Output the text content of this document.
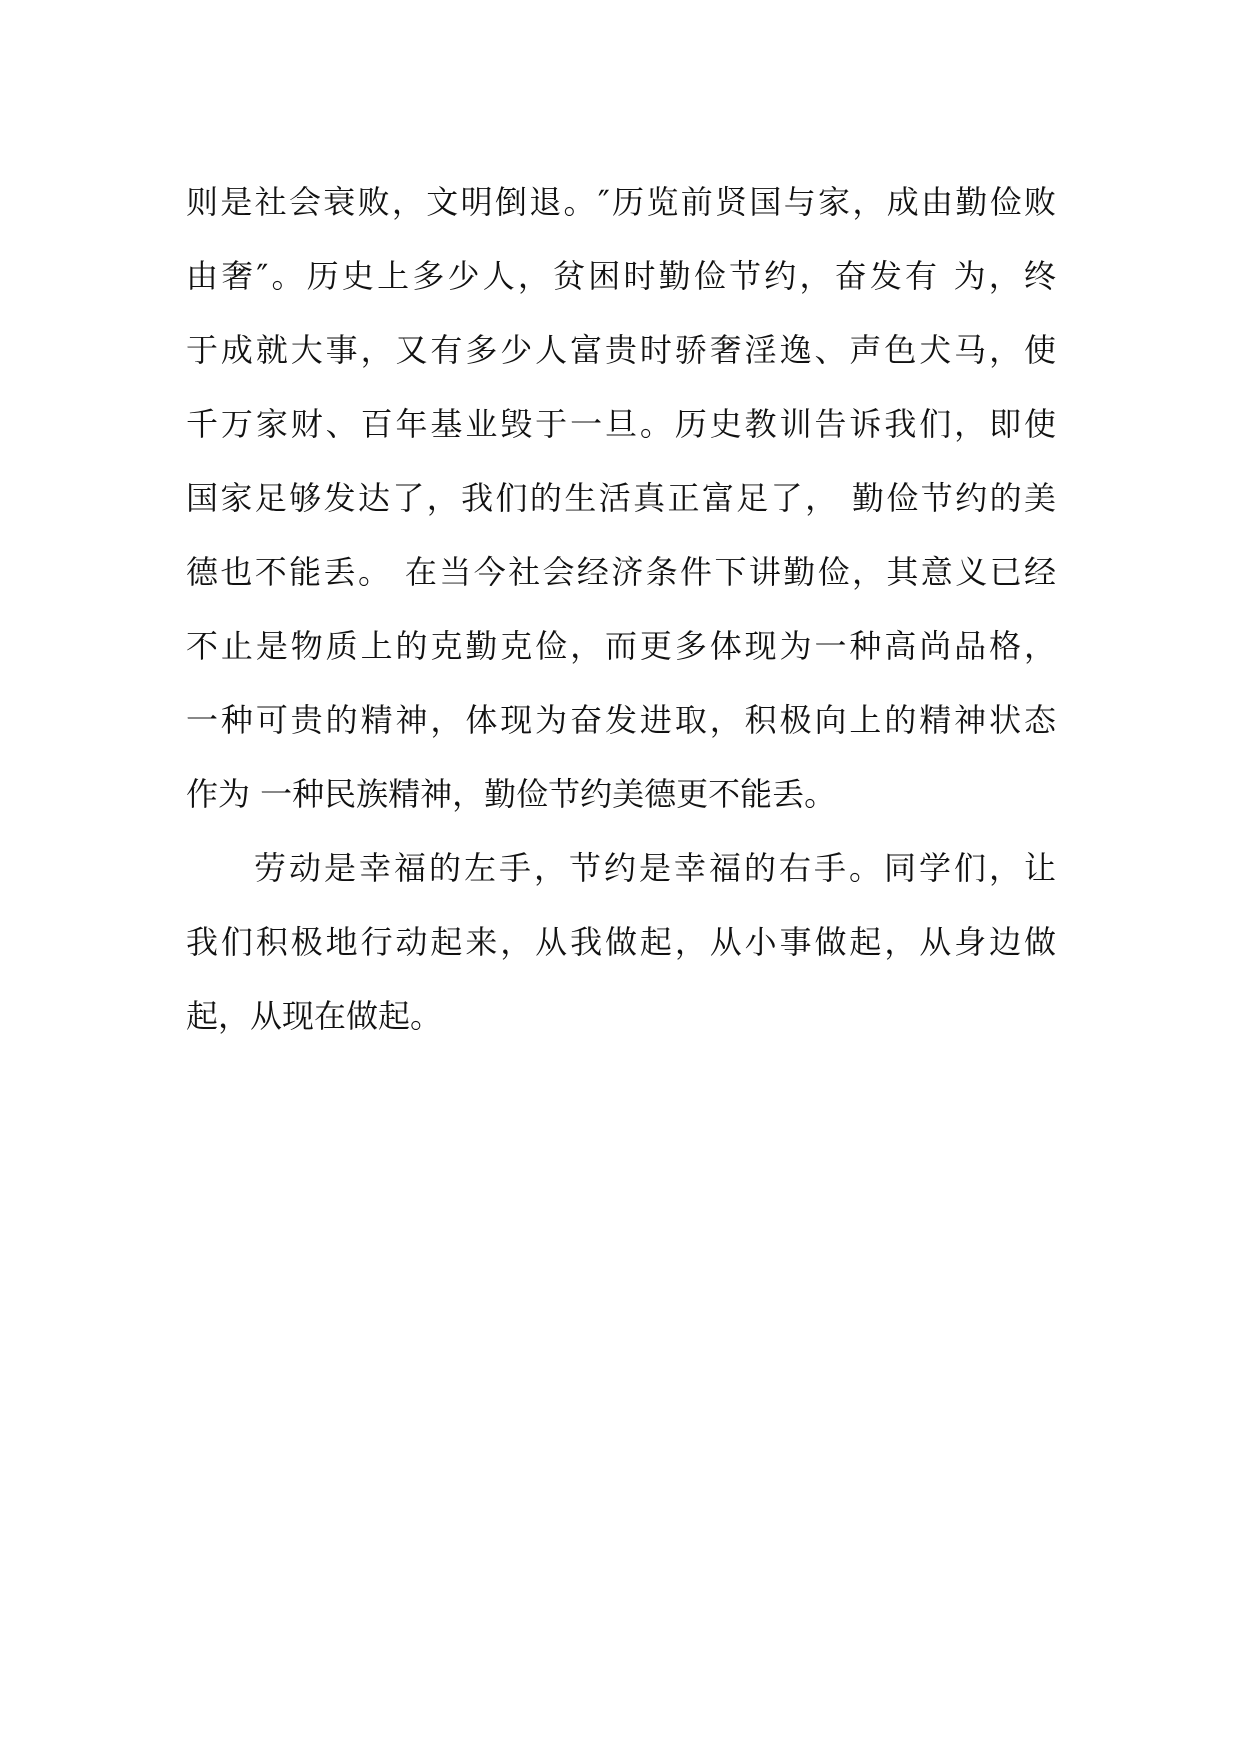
则是社会衰败，文明倒退。″历览前贤国与家，成由勤俭败
由奢″。历史上多少人，贫困时勤俭节约，奋发有 为，终
于成就大事，又有多少人富贵时骄奢淫逸、声色犬马，使
千万家财、百年基业毁于一旦。历史教训告诉我们，即使
国家足够发达了，我们的生活真正富足了， 勤俭节约的美
德也不能丢。 在当今社会经济条件下讲勤俭，其意义已经
不止是物质上的克勤克俭，而更多体现为一种高尚品格，
一种可贵的精神，体现为奋发进取，积极向上的精神状态
作为 一种民族精神，勤俭节约美德更不能丢。
劳动是幸福的左手，节约是幸福的右手。同学们，让
我们积极地行动起来，从我做起，从小事做起，从身边做
起，从现在做起。
